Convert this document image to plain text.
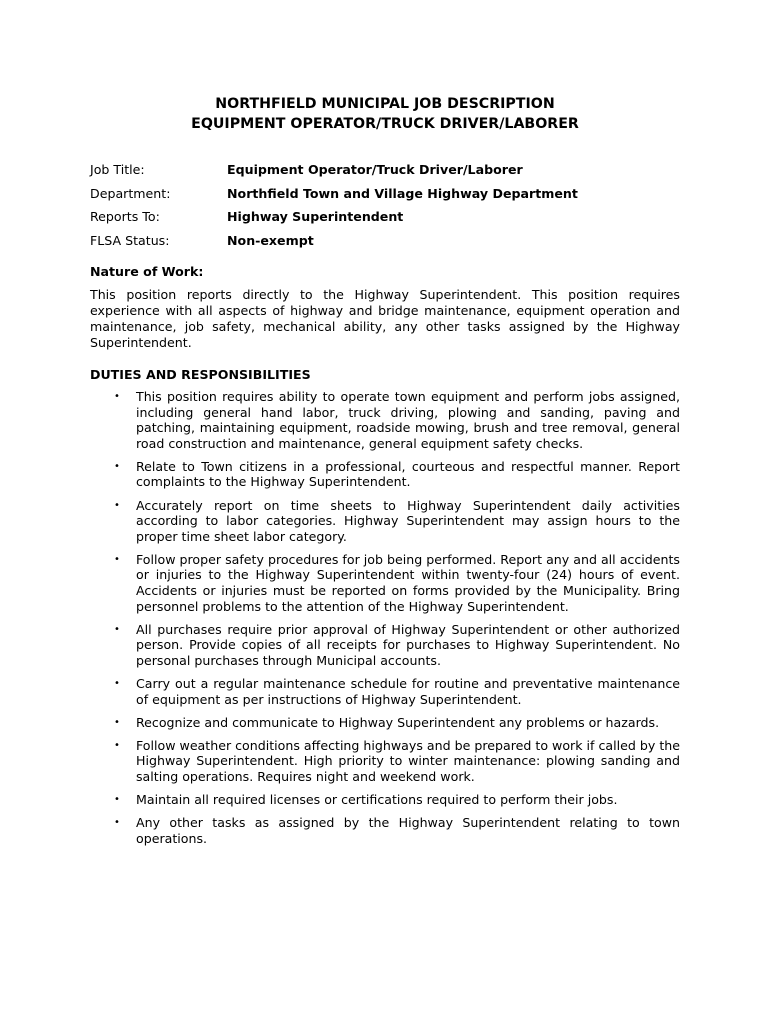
NORTHFIELD MUNICIPAL JOB DESCRIPTION

EQUIPMENT OPERATOR/TRUCK DRIVER/LABORER

Job Title:	Equipment Operator/Truck Driver/Laborer
Department:	Northfield Town and Village Highway Department
Reports To:	Highway Superintendent
FLSA Status:	Non-exempt

Nature of Work:

This position reports directly to the Highway Superintendent. This position requires experience with all aspects of highway and bridge maintenance, equipment operation and maintenance, job safety, mechanical ability, any other tasks assigned by the Highway Superintendent.

DUTIES AND RESPONSIBILITIES

•	This position requires ability to operate town equipment and perform jobs assigned, including general hand labor, truck driving, plowing and sanding, paving and patching, maintaining equipment, roadside mowing, brush and tree removal, general road construction and maintenance, general equipment safety checks.
•	Relate to Town citizens in a professional, courteous and respectful manner. Report complaints to the Highway Superintendent.
•	Accurately report on time sheets to Highway Superintendent daily activities according to labor categories. Highway Superintendent may assign hours to the proper time sheet labor category.
•	Follow proper safety procedures for job being performed. Report any and all accidents or injuries to the Highway Superintendent within twenty-four (24) hours of event. Accidents or injuries must be reported on forms provided by the Municipality. Bring personnel problems to the attention of the Highway Superintendent.
•	All purchases require prior approval of Highway Superintendent or other authorized person. Provide copies of all receipts for purchases to Highway Superintendent. No personal purchases through Municipal accounts.
•	Carry out a regular maintenance schedule for routine and preventative maintenance of equipment as per instructions of Highway Superintendent.
•	Recognize and communicate to Highway Superintendent any problems or hazards.
•	Follow weather conditions affecting highways and be prepared to work if called by the Highway Superintendent. High priority to winter maintenance: plowing sanding and salting operations. Requires night and weekend work.
•	Maintain all required licenses or certifications required to perform their jobs.
•	Any other tasks as assigned by the Highway Superintendent relating to town operations.
